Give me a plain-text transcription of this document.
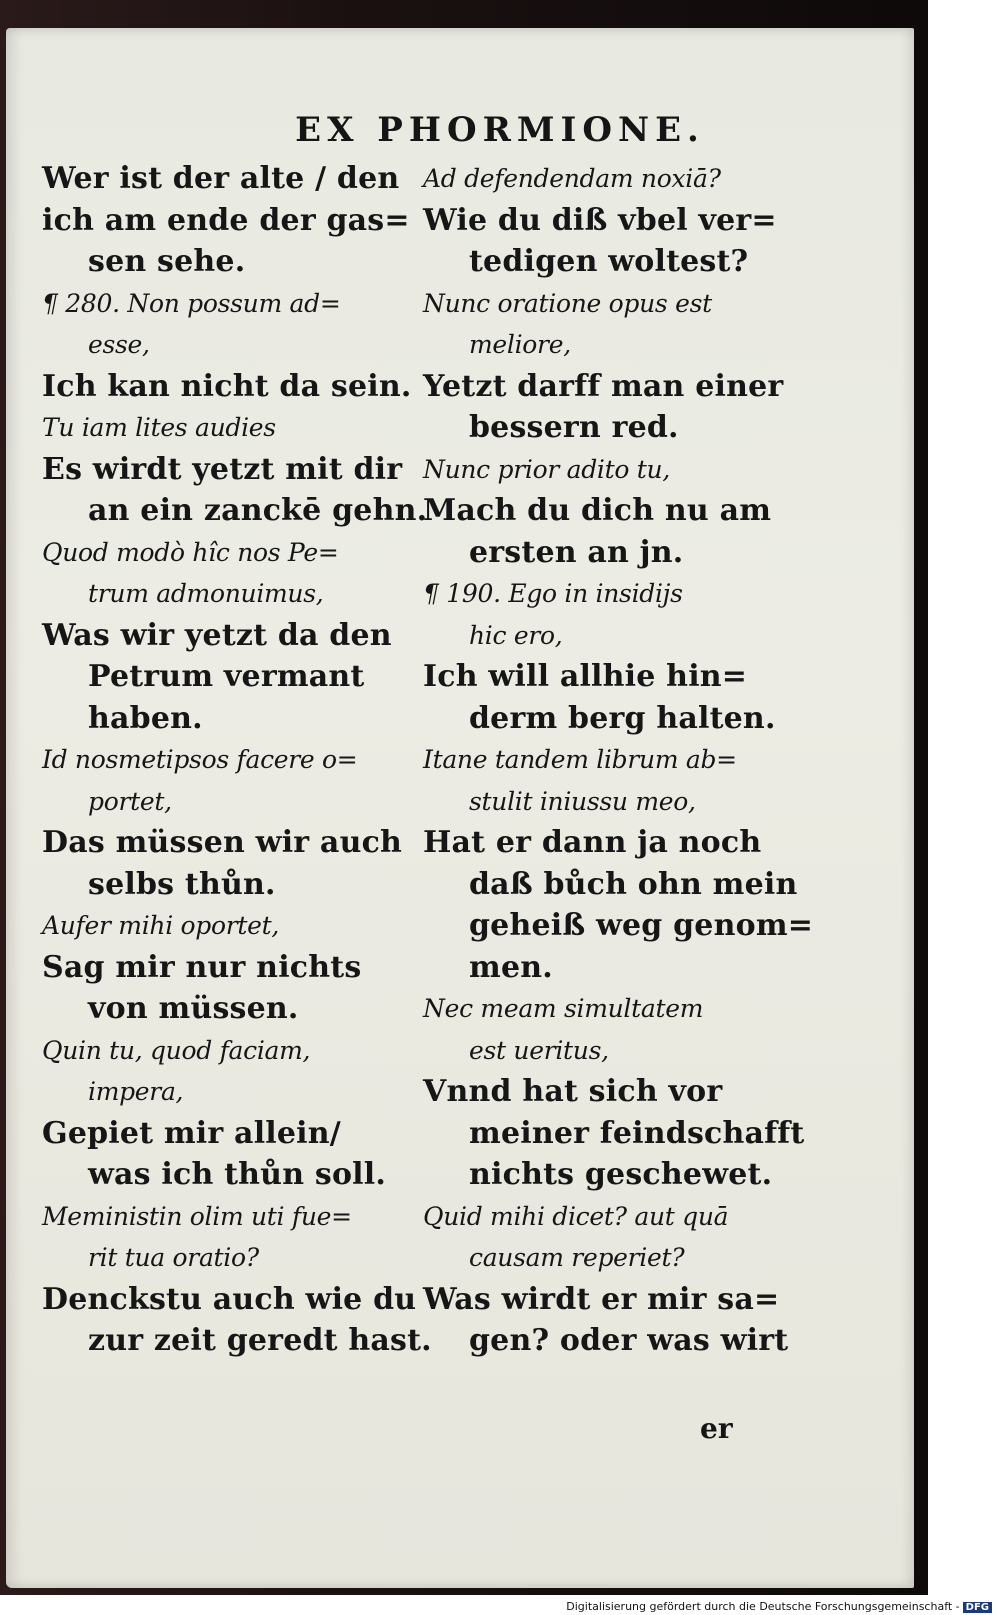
EX PHORMIONE.
Wer ist der alte / den
ich am ende der gas=
sen sehe.
¶ 280. Non possum ad=
esse,
Ich kan nicht da sein.
Tu iam lites audies
Es wirdt yetzt mit dir
an ein zanckē gehn.
Quod modò hîc nos Pe=
trum admonuimus,
Was wir yetzt da den
Petrum vermant
haben.
Id nosmetipsos facere o=
portet,
Das müssen wir auch
selbs thůn.
Aufer mihi oportet,
Sag mir nur nichts
von müssen.
Quin tu, quod faciam,
impera,
Gepiet mir allein/
was ich thůn soll.
Meministin olim uti fue=
rit tua oratio?
Denckstu auch wie du
zur zeit geredt hast.
Ad defendendam noxiā?
Wie du diß vbel ver=
tedigen woltest?
Nunc oratione opus est
meliore,
Yetzt darff man einer
bessern red.
Nunc prior adito tu,
Mach du dich nu am
ersten an jn.
¶ 190. Ego in insidijs
hic ero,
Ich will allhie hin=
derm berg halten.
Itane tandem librum ab=
stulit iniussu meo,
Hat er dann ja noch
daß bůch ohn mein
geheiß weg genom=
men.
Nec meam simultatem
est ueritus,
Vnnd hat sich vor
meiner feindschafft
nichts geschewet.
Quid mihi dicet? aut quā
causam reperiet?
Was wirdt er mir sa=
gen? oder was wirt
er
Digitalisierung gefördert durch die Deutsche Forschungsgemeinschaft - DFG
